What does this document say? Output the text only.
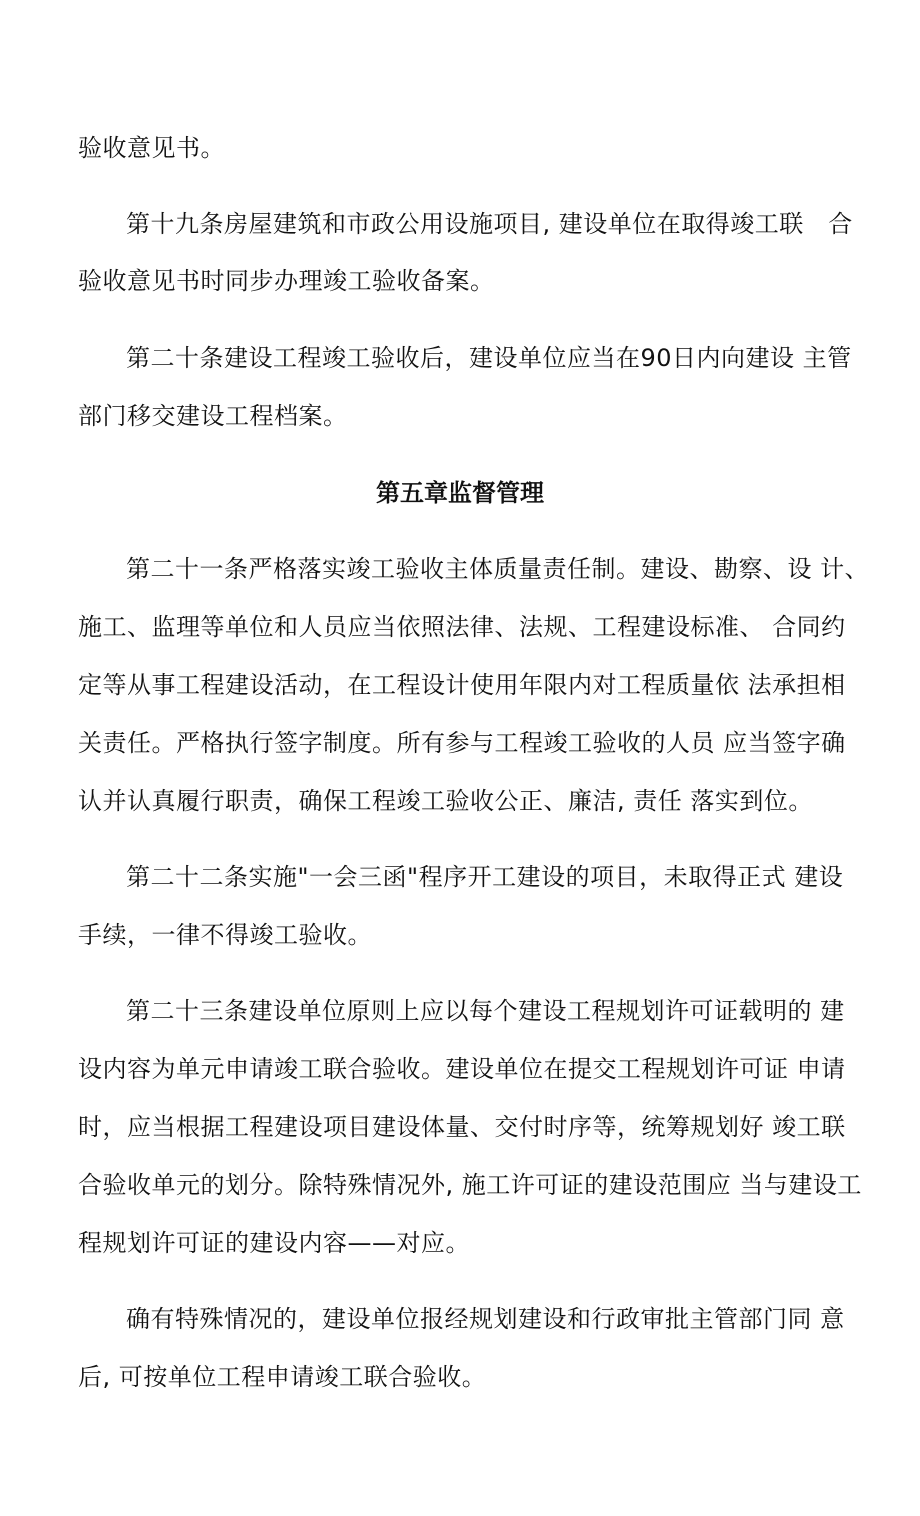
验收意见书。
第十九条房屋建筑和市政公用设施项目, 建设单位在取得竣工联　合
验收意见书时同步办理竣工验收备案。
第二十条建设工程竣工验收后，建设单位应当在90日内向建设 主管
部门移交建设工程档案。
第五章监督管理
第二十一条严格落实竣工验收主体质量责任制。建设、勘察、设 计、
施工、监理等单位和人员应当依照法律、法规、工程建设标准、 合同约
定等从事工程建设活动，在工程设计使用年限内对工程质量依 法承担相
关责任。严格执行签字制度。所有参与工程竣工验收的人员 应当签字确
认并认真履行职责，确保工程竣工验收公正、廉洁, 责任 落实到位。
第二十二条实施"一会三函"程序开工建设的项目，未取得正式 建设
手续，一律不得竣工验收。
第二十三条建设单位原则上应以每个建设工程规划许可证载明的 建
设内容为单元申请竣工联合验收。建设单位在提交工程规划许可证 申请
时，应当根据工程建设项目建设体量、交付时序等，统筹规划好 竣工联
合验收单元的划分。除特殊情况外, 施工许可证的建设范围应 当与建设工
程规划许可证的建设内容——对应。
确有特殊情况的，建设单位报经规划建设和行政审批主管部门同 意
后, 可按单位工程申请竣工联合验收。
